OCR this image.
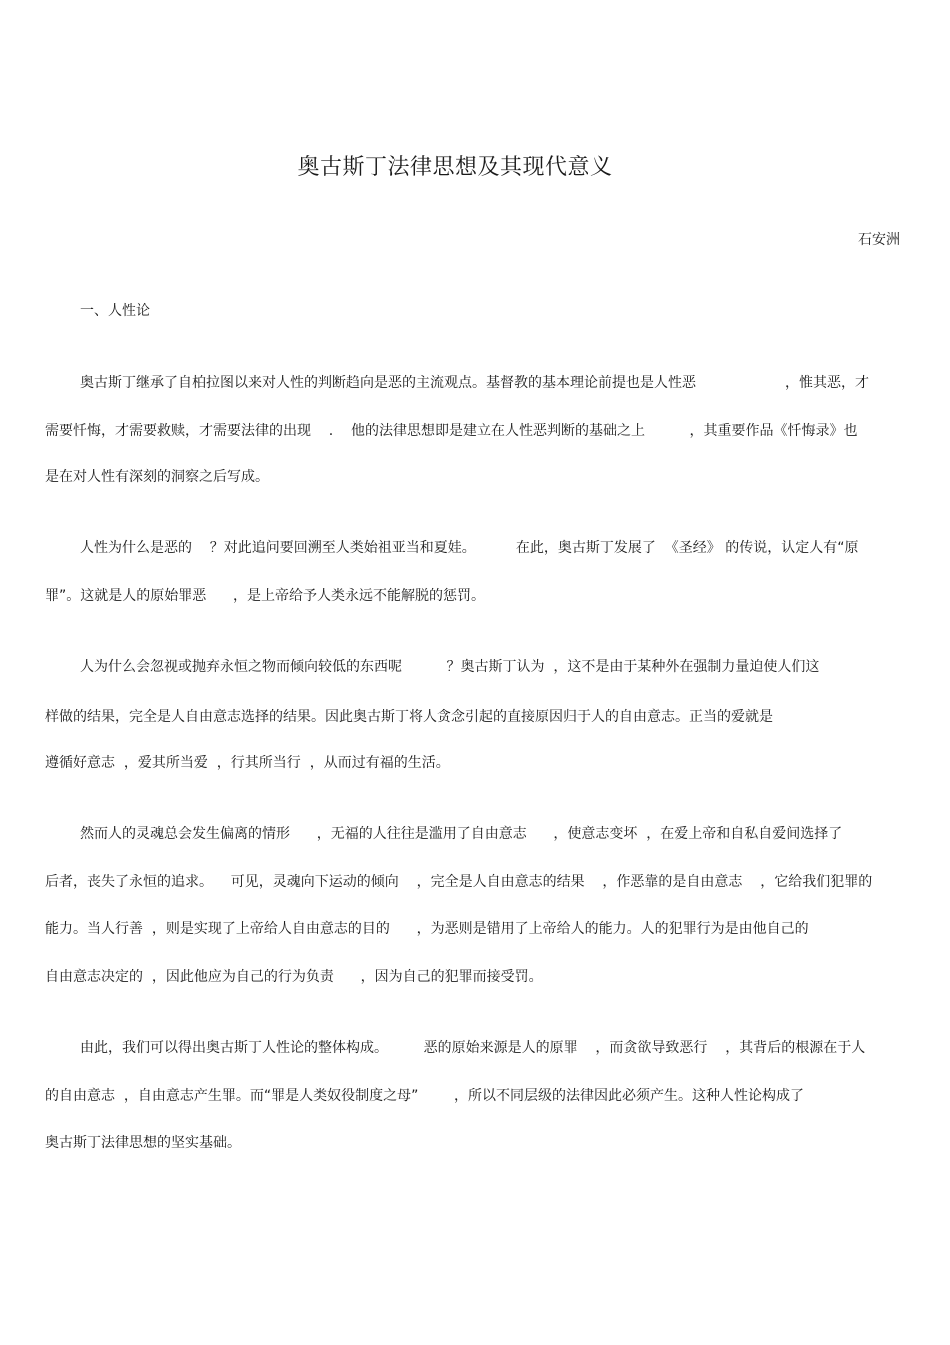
奥古斯丁法律思想及其现代意义
石安洲
一、人性论
奥古斯丁继承了自柏拉图以来对人性的判断趋向是恶的主流观点。基督教的基本理论前提也是人性恶                    ，惟其恶，才
需要忏悔，才需要救赎，才需要法律的出现    .    他的法律思想即是建立在人性恶判断的基础之上          ，其重要作品《忏悔录》也
是在对人性有深刻的洞察之后写成。
人性为什么是恶的    ？对此追问要回溯至人类始祖亚当和夏娃。         在此，奥古斯丁发展了  《圣经》 的传说，认定人有“原
罪”。这就是人的原始罪恶      ，是上帝给予人类永远不能解脱的惩罚。
人为什么会忽视或抛弃永恒之物而倾向较低的东西呢          ？奥古斯丁认为  ，这不是由于某种外在强制力量迫使人们这
样做的结果，完全是人自由意志选择的结果。因此奥古斯丁将人贪念引起的直接原因归于人的自由意志。正当的爱就是
遵循好意志  ，爱其所当爱  ，行其所当行  ，从而过有福的生活。
然而人的灵魂总会发生偏离的情形      ，无福的人往往是滥用了自由意志      ，使意志变坏  ，在爱上帝和自私自爱间选择了
后者，丧失了永恒的追求。    可见，灵魂向下运动的倾向    ，完全是人自由意志的结果    ，作恶靠的是自由意志    ，它给我们犯罪的
能力。当人行善  ，则是实现了上帝给人自由意志的目的      ，为恶则是错用了上帝给人的能力。人的犯罪行为是由他自己的
自由意志决定的  ，因此他应为自己的行为负责      ，因为自己的犯罪而接受罚。
由此，我们可以得出奥古斯丁人性论的整体构成。        恶的原始来源是人的原罪    ，而贪欲导致恶行    ，其背后的根源在于人
的自由意志  ，自由意志产生罪。而“罪是人类奴役制度之母”        ，所以不同层级的法律因此必须产生。这种人性论构成了
奥古斯丁法律思想的坚实基础。
